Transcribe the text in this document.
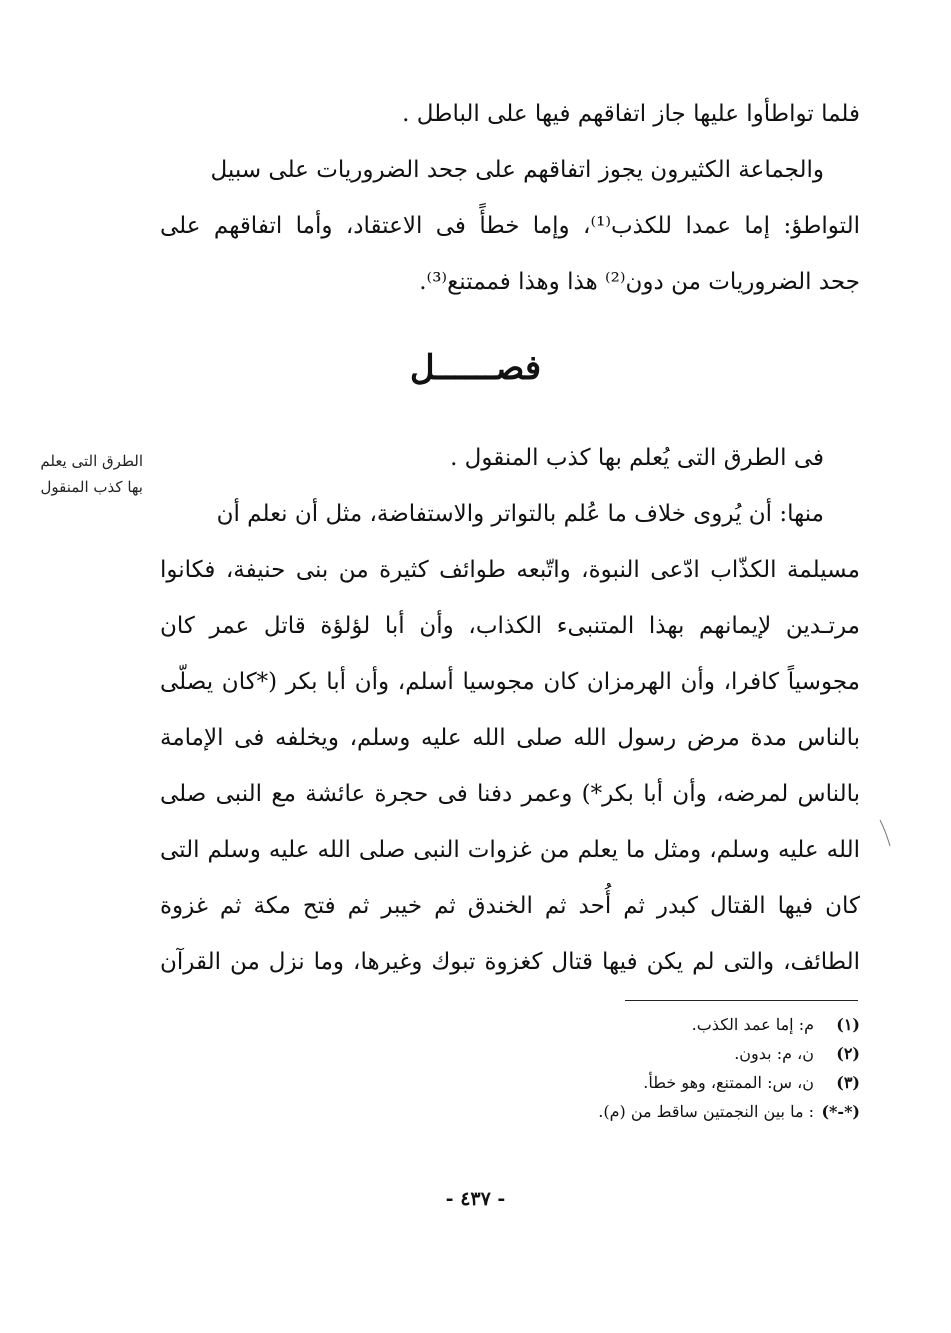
فلما تواطأوا عليها جاز اتفاقهم فيها على الباطل .
والجماعة الكثيرون يجوز اتفاقهم على جحد الضروريات على سبيل
التواطؤ: إما عمدا للكذب⁽¹⁾، وإما خطأً فى الاعتقاد، وأما اتفاقهم على
جحد الضروريات من دون⁽²⁾ هذا وهذا فممتنع⁽³⁾.
فصــــــل
الطرق التى يعلم بها كذب المنقول
فى الطرق التى يُعلم بها كذب المنقول .
منها: أن يُروى خلاف ما عُلم بالتواتر والاستفاضة، مثل أن نعلم أن
مسيلمة الكذّاب ادّعى النبوة، واتّبعه طوائف كثيرة من بنى حنيفة، فكانوا
مرتـدين لإيمانهم بهذا المتنبىء الكذاب، وأن أبا لؤلؤة قاتل عمر كان
مجوسياً كافرا، وأن الهرمزان كان مجوسيا أسلم، وأن أبا بكر (*كان يصلّى
بالناس مدة مرض رسول الله صلى الله عليه وسلم، ويخلفه فى الإمامة
بالناس لمرضه، وأن أبا بكر*) وعمر دفنا فى حجرة عائشة مع النبى صلى
الله عليه وسلم، ومثل ما يعلم من غزوات النبى صلى الله عليه وسلم التى
كان فيها القتال كبدر ثم أُحد ثم الخندق ثم خيبر ثم فتح مكة ثم غزوة
الطائف، والتى لم يكن فيها قتال كغزوة تبوك وغيرها، وما نزل من القرآن
(١)
م: إما عمد الكذب.
(٢)
ن، م: بدون.
(٣)
ن، س: الممتنع، وهو خطأ.
(*-*)
: ما بين النجمتين ساقط من (م).
- ٤٣٧ -
